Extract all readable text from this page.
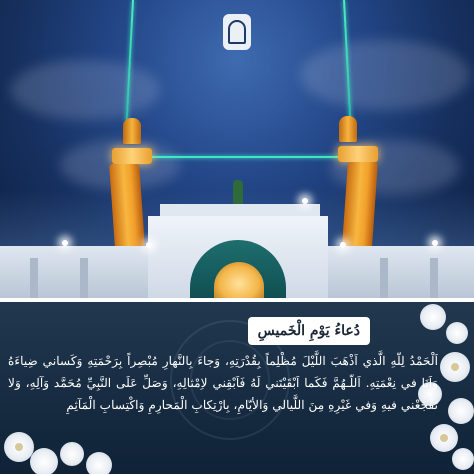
دُعاءُ يَوْمِ الْخَميسِ

اَلْحَمْدُ لِلّهِ الَّذي اَذْهَبَ اللَّيْلَ مُظْلِماً بِقُدْرَتِهِ، وَجاءَ بِالنَّهارِ مُبْصِراً بِرَحْمَتِهِ وَكَساني ضِياءَهُ وَاَنَا في نِعْمَتِهِ. اَللّـهُمَّ فَكَما اَبْقَيْتَني لَهُ فَاَبْقِني لاِمْثالِهِ، وَصَلِّ عَلَى النَّبِيِّ مُحَمَّد وَآلِهِ، وَلا تَفْجَعْني فيهِ وَفي غَيْرِهِ مِنَ اللَّيالي وَالأيّامِ، بِارْتِكابِ الْمَحارِمِ وَاكْتِسابِ الْمَآثِمِ
